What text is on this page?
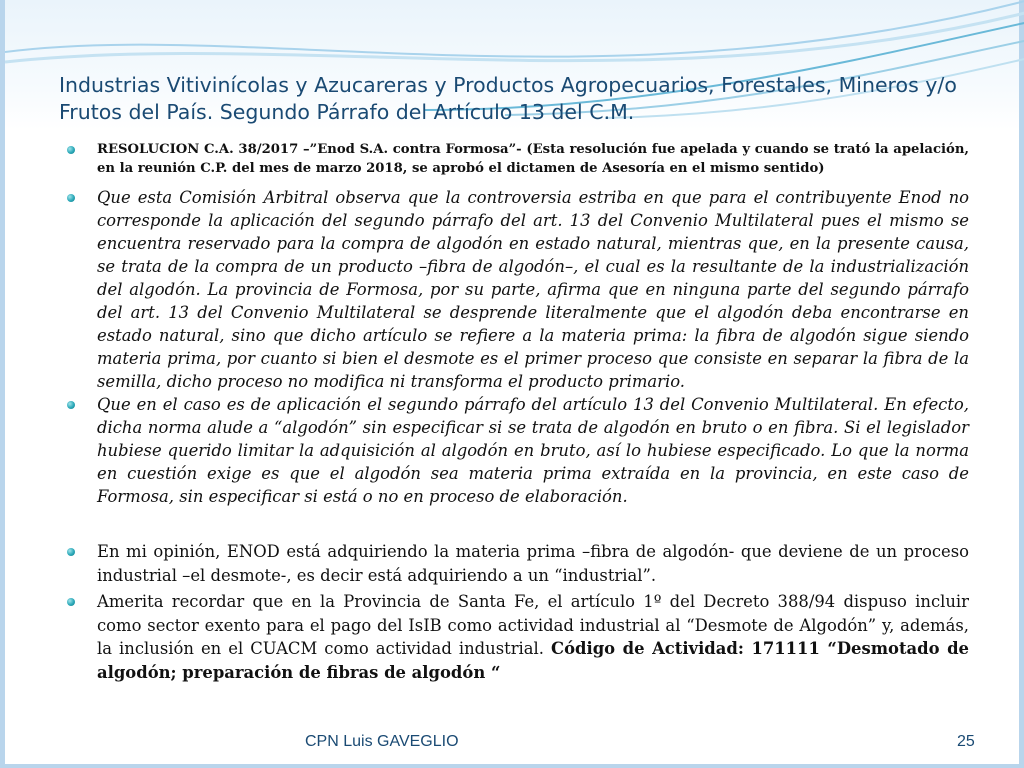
Industrias Vitivinícolas y Azucareras y Productos Agropecuarios, Forestales, Mineros y/o Frutos del País. Segundo Párrafo del Artículo 13 del C.M.
RESOLUCION C.A. 38/2017 –”Enod S.A. contra Formosa”- (Esta resolución fue apelada y cuando se trató la apelación, en la reunión C.P. del mes de marzo 2018, se aprobó el dictamen de Asesoría en el mismo sentido)
Que esta Comisión Arbitral observa que la controversia estriba en que para el contribuyente Enod no corresponde la aplicación del segundo párrafo del art. 13 del Convenio Multilateral pues el mismo se encuentra reservado para la compra de algodón en estado natural, mientras que, en la presente causa, se trata de la compra de un producto –fibra de algodón–, el cual es la resultante de la industrialización del algodón. La provincia de Formosa, por su parte, afirma que en ninguna parte del segundo párrafo del art. 13 del Convenio Multilateral se desprende literalmente que el algodón deba encontrarse en estado natural, sino que dicho artículo se refiere a la materia prima: la fibra de algodón sigue siendo materia prima, por cuanto si bien el desmote es el primer proceso que consiste en separar la fibra de la semilla, dicho proceso no modifica ni transforma el producto primario.
Que en el caso es de aplicación el segundo párrafo del artículo 13 del Convenio Multilateral. En efecto, dicha norma alude a “algodón” sin especificar si se trata de algodón en bruto o en fibra. Si el legislador hubiese querido limitar la adquisición al algodón en bruto, así lo hubiese especificado. Lo que la norma en cuestión exige es que el algodón sea materia prima extraída en la provincia, en este caso de Formosa, sin especificar si está o no en proceso de elaboración.
En mi opinión, ENOD está adquiriendo la materia prima –fibra de algodón- que deviene de un proceso industrial –el desmote-, es decir está adquiriendo a un “industrial”.
Amerita recordar que en la Provincia de Santa Fe, el artículo 1º del Decreto 388/94 dispuso incluir como sector exento para el pago del IsIB como actividad industrial al “Desmote de Algodón” y, además, la inclusión en el CUACM como actividad industrial. Código de Actividad: 171111 “Desmotado de algodón; preparación de fibras de algodón “
CPN Luis GAVEGLIO	25
